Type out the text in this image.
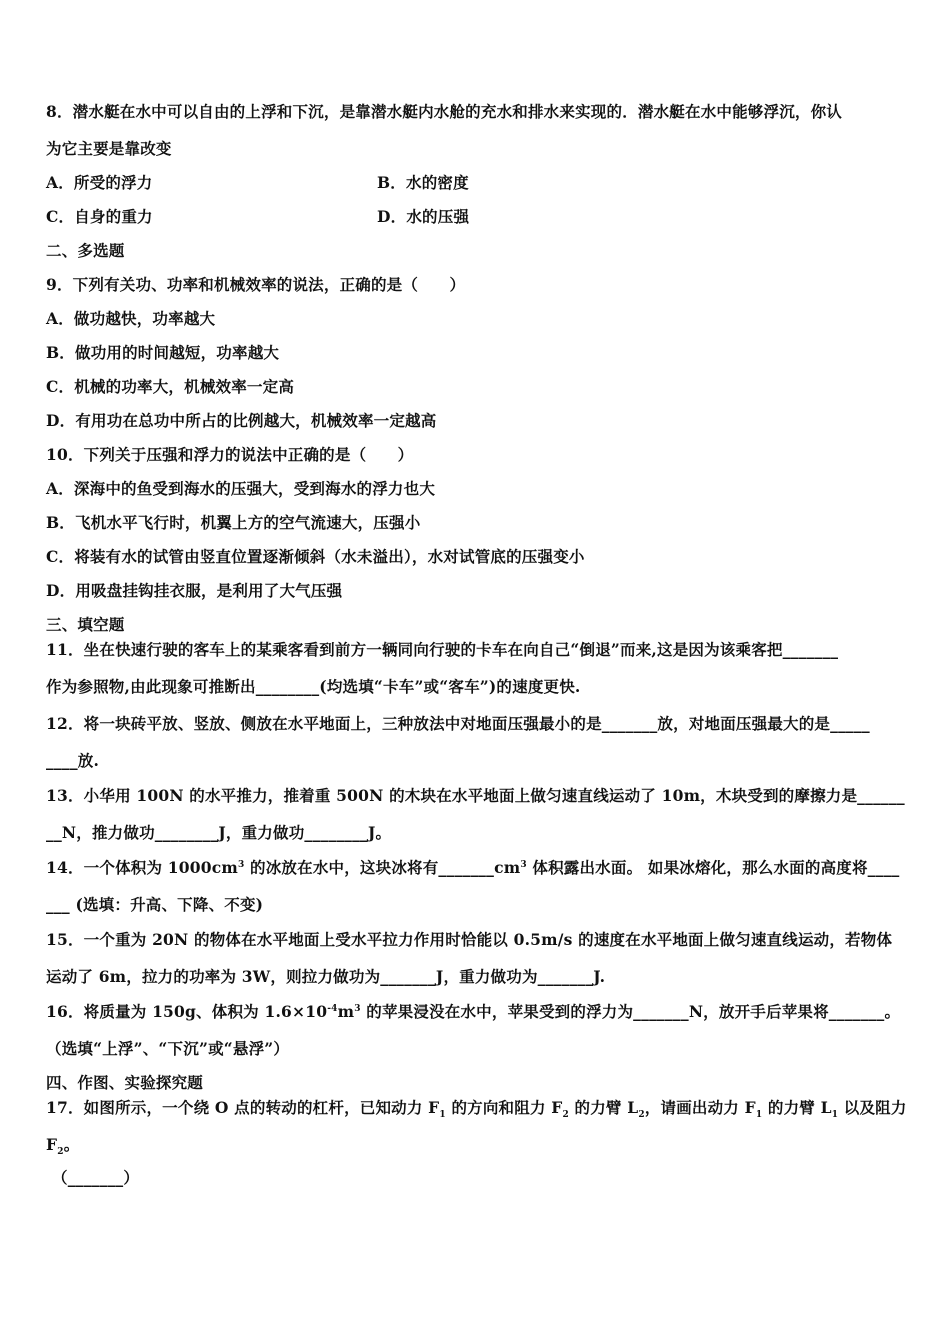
8．潜水艇在水中可以自由的上浮和下沉，是靠潜水艇内水舱的充水和排水来实现的．潜水艇在水中能够浮沉，你认
为它主要是靠改变
A．所受的浮力	B．水的密度
C．自身的重力	D．水的压强
二、多选题
9．下列有关功、功率和机械效率的说法，正确的是（　　）
A．做功越快，功率越大
B．做功用的时间越短，功率越大
C．机械的功率大，机械效率一定高
D．有用功在总功中所占的比例越大，机械效率一定越高
10．下列关于压强和浮力的说法中正确的是（　　）
A．深海中的鱼受到海水的压强大，受到海水的浮力也大
B．飞机水平飞行时，机翼上方的空气流速大，压强小
C．将装有水的试管由竖直位置逐渐倾斜（水未溢出），水对试管底的压强变小
D．用吸盘挂钩挂衣服，是利用了大气压强
三、填空题
11．坐在快速行驶的客车上的某乘客看到前方一辆同向行驶的卡车在向自己“倒退”而来,这是因为该乘客把_______
作为参照物,由此现象可推断出________(均选填“卡车”或“客车”)的速度更快.
12．将一块砖平放、竖放、侧放在水平地面上，三种放法中对地面压强最小的是_______放，对地面压强最大的是_____
____放.
13．小华用 100N 的水平推力，推着重 500N 的木块在水平地面上做匀速直线运动了 10m，木块受到的摩擦力是______
__N，推力做功________J，重力做功________J。
14．一个体积为 $1000cm^3$ 的冰放在水中，这块冰将有$\_\_\_\_\_\_\_cm^3$ 体积露出水面。 如果冰熔化，那么水面的高度将____
___ (选填：升高、下降、不变)
15．一个重为 20N 的物体在水平地面上受水平拉力作用时恰能以 0.5m/s 的速度在水平地面上做匀速直线运动，若物体
运动了 6m，拉力的功率为 3W，则拉力做功为_______J，重力做功为_______J.
16．将质量为 150g、体积为 $1.6\times 10^{-4}m^3$ 的苹果浸没在水中，苹果受到的浮力为_______N，放开手后苹果将_______。
（选填“上浮”、“下沉”或“悬浮”）
四、作图、实验探究题
17．如图所示，一个绕 O 点的转动的杠杆，已知动力 $F_1$ 的方向和阻力 $F_2$ 的力臂 $L_2$，请画出动力 $F_1$ 的力臂 $L_1$ 以及阻力
$F_2$。
（_______）
